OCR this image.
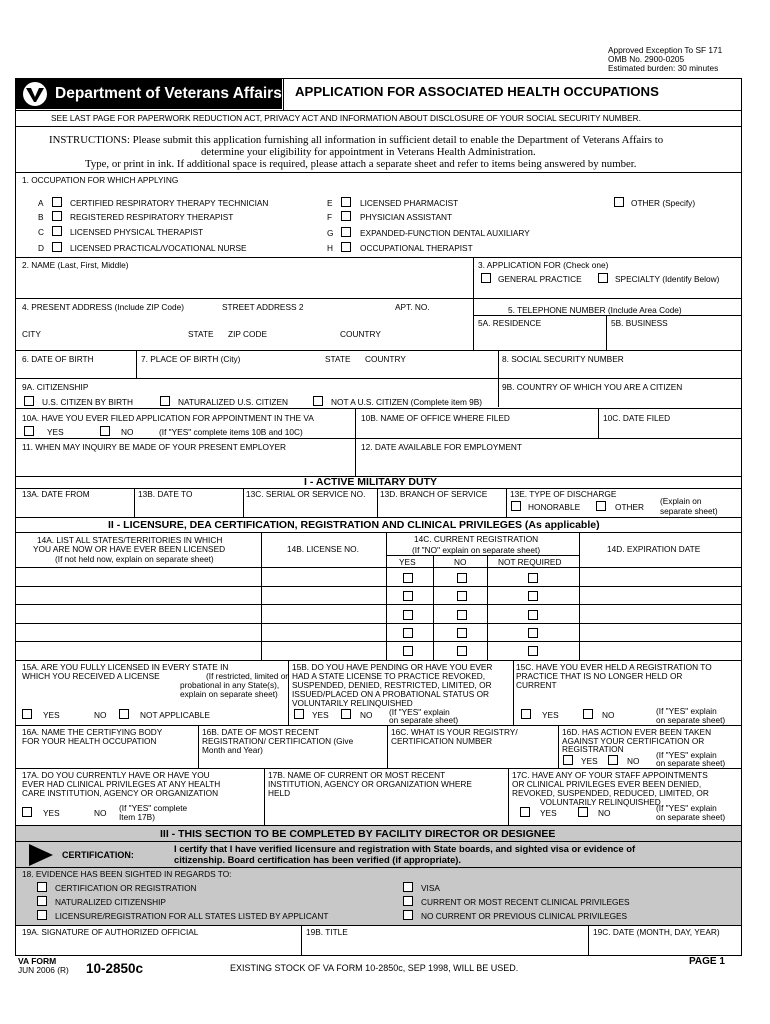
Approved Exception To SF 171
OMB No. 2900-0205
Estimated burden: 30 minutes
Department of Veterans Affairs APPLICATION FOR ASSOCIATED HEALTH OCCUPATIONS
SEE LAST PAGE FOR PAPERWORK REDUCTION ACT, PRIVACY ACT AND INFORMATION ABOUT DISCLOSURE OF YOUR SOCIAL SECURITY NUMBER.
INSTRUCTIONS: Please submit this application furnishing all information in sufficient detail to enable the Department of Veterans Affairs to
determine your eligibility for appointment in Veterans Health Administration.
Type, or print in ink. If additional space is required, please attach a separate sheet and refer to items being answered by number.
1. OCCUPATION FOR WHICH APPLYING
A	CERTIFIED RESPIRATORY THERAPY TECHNICIAN
B	REGISTERED RESPIRATORY THERAPIST
C	LICENSED PHYSICAL THERAPIST
D	LICENSED PRACTICAL/VOCATIONAL NURSE
E	LICENSED PHARMACIST
F	PHYSICIAN ASSISTANT
G	EXPANDED-FUNCTION DENTAL AUXILIARY
H	OCCUPATIONAL THERAPIST
OTHER (Specify)
2. NAME (Last, First, Middle)	3. APPLICATION FOR (Check one)
GENERAL PRACTICE	SPECIALTY (Identify Below)
4. PRESENT ADDRESS (Include ZIP Code)	STREET ADDRESS 2	APT. NO.	5. TELEPHONE NUMBER (Include Area Code)
5A. RESIDENCE	5B. BUSINESS
CITY	STATE ZIP CODE	COUNTRY
6. DATE OF BIRTH	7. PLACE OF BIRTH (City)	STATE COUNTRY	8. SOCIAL SECURITY NUMBER
9A. CITIZENSHIP	9B. COUNTRY OF WHICH YOU ARE A CITIZEN
U.S. CITIZEN BY BIRTH	NATURALIZED U.S. CITIZEN	NOT A U.S. CITIZEN (Complete item 9B)
10A. HAVE YOU EVER FILED APPLICATION FOR APPOINTMENT IN THE VA	10B. NAME OF OFFICE WHERE FILED	10C. DATE FILED
YES	NO	(If "YES" complete items 10B and 10C)
11. WHEN MAY INQUIRY BE MADE OF YOUR PRESENT EMPLOYER	12. DATE AVAILABLE FOR EMPLOYMENT
I - ACTIVE MILITARY DUTY
13A. DATE FROM	13B. DATE TO	13C. SERIAL OR SERVICE NO. 13D. BRANCH OF SERVICE	13E. TYPE OF DISCHARGE
HONORABLE	OTHER
(Explain on
separate sheet)
II - LICENSURE, DEA CERTIFICATION, REGISTRATION AND CLINICAL PRIVILEGES (As applicable)
14A. LIST ALL STATES/TERRITORIES IN WHICH
YOU ARE NOW OR HAVE EVER BEEN LICENSED
(If not held now, explain on separate sheet)
14B. LICENSE NO.
14C. CURRENT REGISTRATION
(If "NO" explain on separate sheet)
YES	NO	NOT REQUIRED
14D. EXPIRATION DATE
15A. ARE YOU FULLY LICENSED IN EVERY STATE IN
WHICH YOU RECEIVED A LICENSE	(If restricted, limited or
probational in any State(s),
explain on separate sheet)
YES	NO	NOT APPLICABLE
15B. DO YOU HAVE PENDING OR HAVE YOU EVER
HAD A STATE LICENSE TO PRACTICE REVOKED,
SUSPENDED, DENIED, RESTRICTED, LIMITED, OR
ISSUED/PLACED ON A PROBATIONAL STATUS OR
VOLUNTARILY RELINQUISHED
YES	NO (If "YES" explain
on separate sheet)
15C. HAVE YOU EVER HELD A REGISTRATION TO
PRACTICE THAT IS NO LONGER HELD OR
CURRENT
YES	NO	(If "YES" explain
on separate sheet)
16A. NAME THE CERTIFYING BODY
FOR YOUR HEALTH OCCUPATION
16B. DATE OF MOST RECENT
REGISTRATION/ CERTIFICATION (Give
Month and Year)
16C. WHAT IS YOUR REGISTRY/
CERTIFICATION NUMBER
16D. HAS ACTION EVER BEEN TAKEN
AGAINST YOUR CERTIFICATION OR
REGISTRATION
YES	NO
(If "YES" explain
on separate sheet)
17A. DO YOU CURRENTLY HAVE OR HAVE YOU
EVER HAD CLINICAL PRIVILEGES AT ANY HEALTH
CARE INSTITUTION, AGENCY OR ORGANIZATION
YES	NO (If "YES" complete
Item 17B)
17B. NAME OF CURRENT OR MOST RECENT
INSTITUTION, AGENCY OR ORGANIZATION WHERE
HELD
17C. HAVE ANY OF YOUR STAFF APPOINTMENTS
OR CLINICAL PRIVILEGES EVER BEEN DENIED,
REVOKED, SUSPENDED, REDUCED, LIMITED, OR
VOLUNTARILY RELINQUISHED
YES	NO	(If "YES" explain
on separate sheet)
III - THIS SECTION TO BE COMPLETED BY FACILITY DIRECTOR OR DESIGNEE
CERTIFICATION:
I certify that I have verified licensure and registration with State boards, and sighted visa or evidence of
citizenship. Board certification has been verified (if appropriate).
18. EVIDENCE HAS BEEN SIGHTED IN REGARDS TO:
CERTIFICATION OR REGISTRATION
NATURALIZED CITIZENSHIP
LICENSURE/REGISTRATION FOR ALL STATES LISTED BY APPLICANT
VISA
CURRENT OR MOST RECENT CLINICAL PRIVILEGES
NO CURRENT OR PREVIOUS CLINICAL PRIVILEGES
19A. SIGNATURE OF AUTHORIZED OFFICIAL	19B. TITLE	19C. DATE (MONTH, DAY, YEAR)
VA FORM
JUN 2006 (R) 10-2850c	EXISTING STOCK OF VA FORM 10-2850c, SEP 1998, WILL BE USED.
PAGE 1
